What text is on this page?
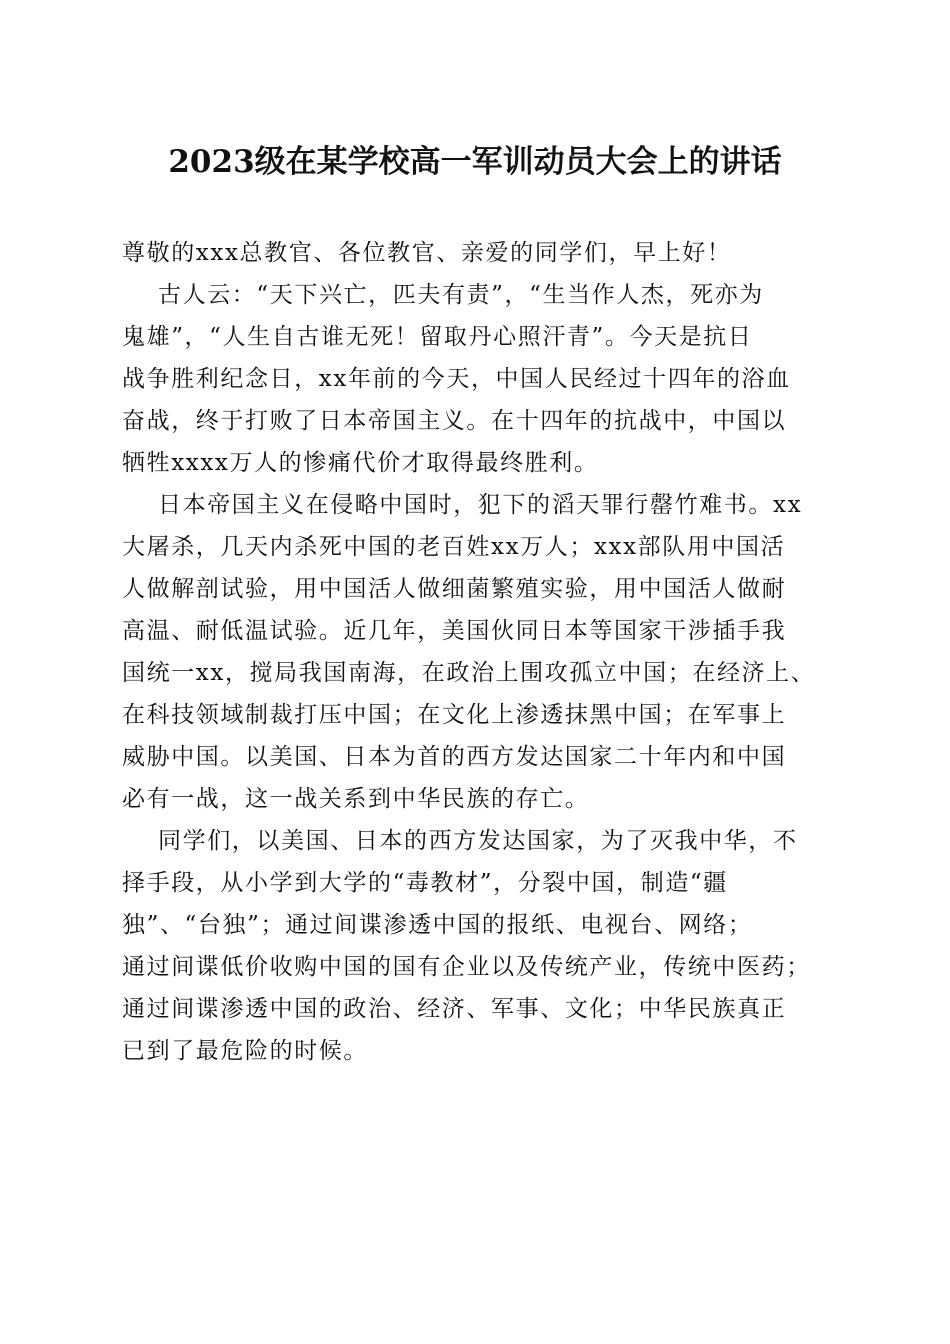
2023级在某学校高一军训动员大会上的讲话
尊敬的xxx总教官、各位教官、亲爱的同学们，早上好！
古人云：“天下兴亡，匹夫有责”，“生当作人杰，死亦为
鬼雄”，“人生自古谁无死！留取丹心照汗青”。今天是抗日
战争胜利纪念日，xx年前的今天，中国人民经过十四年的浴血
奋战，终于打败了日本帝国主义。在十四年的抗战中，中国以
牺牲xxxx万人的惨痛代价才取得最终胜利。
日本帝国主义在侵略中国时，犯下的滔天罪行罄竹难书。xx
大屠杀，几天内杀死中国的老百姓xx万人；xxx部队用中国活
人做解剖试验，用中国活人做细菌繁殖实验，用中国活人做耐
高温、耐低温试验。近几年，美国伙同日本等国家干涉插手我
国统一xx，搅局我国南海，在政治上围攻孤立中国；在经济上、
在科技领域制裁打压中国；在文化上渗透抹黑中国；在军事上
威胁中国。以美国、日本为首的西方发达国家二十年内和中国
必有一战，这一战关系到中华民族的存亡。
同学们，以美国、日本的西方发达国家，为了灭我中华，不
择手段，从小学到大学的“毒教材”，分裂中国，制造“疆
独”、“台独”；通过间谍渗透中国的报纸、电视台、网络；
通过间谍低价收购中国的国有企业以及传统产业，传统中医药；
通过间谍渗透中国的政治、经济、军事、文化；中华民族真正
已到了最危险的时候。
